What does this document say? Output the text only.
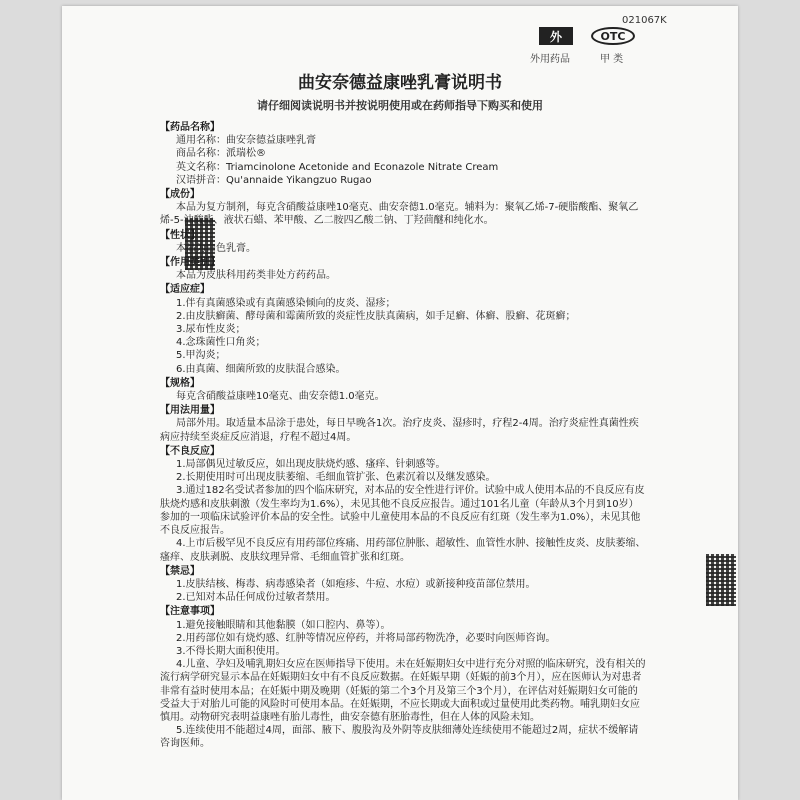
021067K
外
外用药品
OTC
甲 类
曲安奈德益康唑乳膏说明书
请仔细阅读说明书并按说明使用或在药师指导下购买和使用
【药品名称】
通用名称：曲安奈德益康唑乳膏
商品名称：派瑞松®
英文名称：Triamcinolone Acetonide and Econazole Nitrate Cream
汉语拼音：Qu'annaide Yikangzuo Rugao
【成份】
本品为复方制剂，每克含硝酸益康唑10毫克、曲安奈德1.0毫克。辅料为：聚氧乙烯-7-硬脂酸酯、聚氧乙烯-5-油酸酯、液状石蜡、苯甲酸、乙二胺四乙酸二钠、丁羟茴醚和纯化水。
【性状】
本品为白色乳膏。
【作用类别】
本品为皮肤科用药类非处方药药品。
【适应症】
1.伴有真菌感染或有真菌感染倾向的皮炎、湿疹；
2.由皮肤癣菌、酵母菌和霉菌所致的炎症性皮肤真菌病，如手足癣、体癣、股癣、花斑癣；
3.尿布性皮炎；
4.念珠菌性口角炎；
5.甲沟炎；
6.由真菌、细菌所致的皮肤混合感染。
【规格】
每克含硝酸益康唑10毫克、曲安奈德1.0毫克。
【用法用量】
局部外用。取适量本品涂于患处，每日早晚各1次。治疗皮炎、湿疹时，疗程2-4周。治疗炎症性真菌性疾病应持续至炎症反应消退，疗程不超过4周。
【不良反应】
1.局部偶见过敏反应，如出现皮肤烧灼感、瘙痒、针刺感等。
2.长期使用时可出现皮肤萎缩、毛细血管扩张、色素沉着以及继发感染。
3.通过182名受试者参加的四个临床研究，对本品的安全性进行评价。试验中成人使用本品的不良反应有皮肤烧灼感和皮肤刺激（发生率均为1.6%），未见其他不良反应报告。通过101名儿童（年龄从3个月到10岁）参加的一项临床试验评价本品的安全性。试验中儿童使用本品的不良反应有红斑（发生率为1.0%），未见其他不良反应报告。
4.上市后极罕见不良反应有用药部位疼痛、用药部位肿胀、超敏性、血管性水肿、接触性皮炎、皮肤萎缩、瘙痒、皮肤剥脱、皮肤纹理异常、毛细血管扩张和红斑。
【禁忌】
1.皮肤结核、梅毒、病毒感染者（如疱疹、牛痘、水痘）或新接种疫苗部位禁用。
2.已知对本品任何成份过敏者禁用。
【注意事项】
1.避免接触眼睛和其他黏膜（如口腔内、鼻等）。
2.用药部位如有烧灼感、红肿等情况应停药，并将局部药物洗净，必要时向医师咨询。
3.不得长期大面积使用。
4.儿童、孕妇及哺乳期妇女应在医师指导下使用。未在妊娠期妇女中进行充分对照的临床研究，没有相关的流行病学研究显示本品在妊娠期妇女中有不良反应数据。在妊娠早期（妊娠的前3个月），应在医师认为对患者非常有益时使用本品；在妊娠中期及晚期（妊娠的第二个3个月及第三个3个月），在评估对妊娠期妇女可能的受益大于对胎儿可能的风险时可使用本品。在妊娠期，不应长期或大面积或过量使用此类药物。哺乳期妇女应慎用。动物研究表明益康唑有胎儿毒性，曲安奈德有胚胎毒性，但在人体的风险未知。
5.连续使用不能超过4周，面部、腋下、腹股沟及外阴等皮肤细薄处连续使用不能超过2周，症状不缓解请咨询医师。
